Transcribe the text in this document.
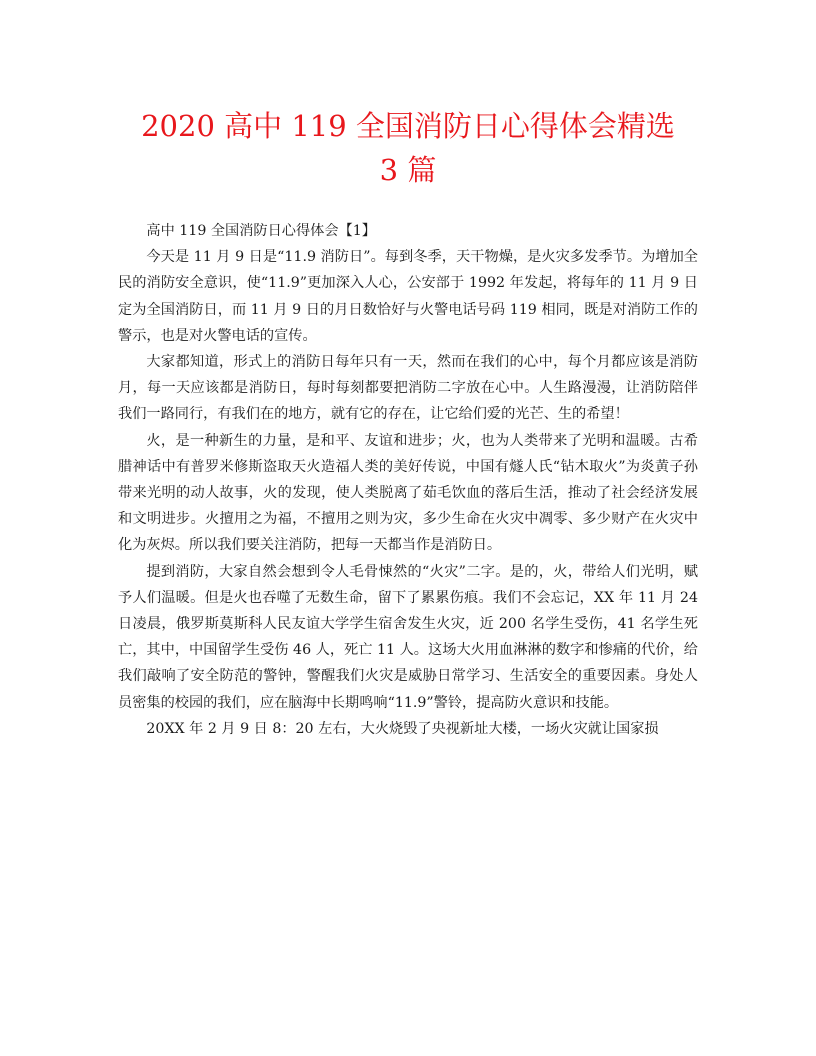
2020 高中 119 全国消防日心得体会精选
3 篇

高中 119 全国消防日心得体会【1】

今天是 11 月 9 日是“11.9 消防日”。每到冬季，天干物燥，是火灾多发季节。为增加全民的消防安全意识，使“11.9”更加深入人心，公安部于 1992 年发起，将每年的 11 月 9 日定为全国消防日，而 11 月 9 日的月日数恰好与火警电话号码 119 相同，既是对消防工作的警示，也是对火警电话的宣传。

大家都知道，形式上的消防日每年只有一天，然而在我们的心中，每个月都应该是消防月，每一天应该都是消防日，每时每刻都要把消防二字放在心中。人生路漫漫，让消防陪伴我们一路同行，有我们在的地方，就有它的存在，让它给们爱的光芒、生的希望！

火，是一种新生的力量，是和平、友谊和进步；火，也为人类带来了光明和温暖。古希腊神话中有普罗米修斯盗取天火造福人类的美好传说，中国有燧人氏“钻木取火”为炎黄子孙带来光明的动人故事，火的发现，使人类脱离了茹毛饮血的落后生活，推动了社会经济发展和文明进步。火擅用之为福，不擅用之则为灾，多少生命在火灾中凋零、多少财产在火灾中化为灰烬。所以我们要关注消防，把每一天都当作是消防日。

提到消防，大家自然会想到令人毛骨悚然的“火灾”二字。是的，火，带给人们光明，赋予人们温暖。但是火也吞噬了无数生命，留下了累累伤痕。我们不会忘记，XX 年 11 月 24 日凌晨，俄罗斯莫斯科人民友谊大学学生宿舍发生火灾，近 200 名学生受伤，41 名学生死亡，其中，中国留学生受伤 46 人，死亡 11 人。这场大火用血淋淋的数字和惨痛的代价，给我们敲响了安全防范的警钟，警醒我们火灾是威胁日常学习、生活安全的重要因素。身处人员密集的校园的我们，应在脑海中长期鸣响“11.9”警铃，提高防火意识和技能。

20XX 年 2 月 9 日 8：20 左右，大火烧毁了央视新址大楼，一场火灾就让国家损
